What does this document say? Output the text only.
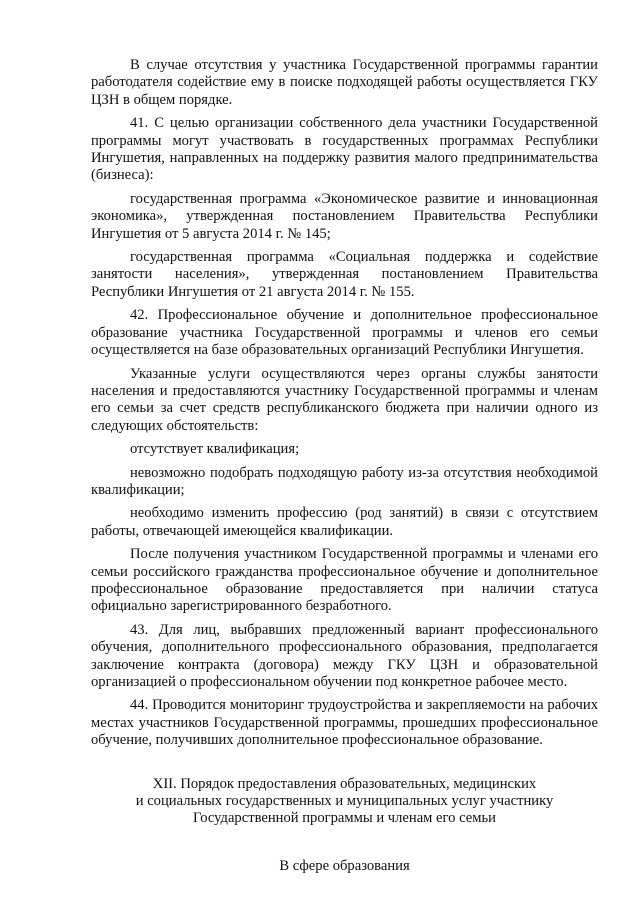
В случае отсутствия у участника Государственной программы гарантии работодателя содействие ему в поиске подходящей работы осуществляется ГКУ ЦЗН в общем порядке.

41. С целью организации собственного дела участники Государственной программы могут участвовать в государственных программах Республики Ингушетия, направленных на поддержку развития малого предпринимательства (бизнеса):

государственная программа «Экономическое развитие и инновационная экономика», утвержденная постановлением Правительства Республики Ингушетия от 5 августа 2014 г. № 145;

государственная программа «Социальная поддержка и содействие занятости населения», утвержденная постановлением Правительства Республики Ингушетия от 21 августа 2014 г. № 155.

42. Профессиональное обучение и дополнительное профессиональное образование участника Государственной программы и членов его семьи осуществляется на базе образовательных организаций Республики Ингушетия.

Указанные услуги осуществляются через органы службы занятости населения и предоставляются участнику Государственной программы и членам его семьи за счет средств республиканского бюджета при наличии одного из следующих обстоятельств:

отсутствует квалификация;

невозможно подобрать подходящую работу из-за отсутствия необходимой квалификации;

необходимо изменить профессию (род занятий) в связи с отсутствием работы, отвечающей имеющейся квалификации.

После получения участником Государственной программы и членами его семьи российского гражданства профессиональное обучение и дополнительное профессиональное образование предоставляется при наличии статуса официально зарегистрированного безработного.

43. Для лиц, выбравших предложенный вариант профессионального обучения, дополнительного профессионального образования, предполагается заключение контракта (договора) между ГКУ ЦЗН и образовательной организацией о профессиональном обучении под конкретное рабочее место.

44. Проводится мониторинг трудоустройства и закрепляемости на рабочих местах участников Государственной программы, прошедших профессиональное обучение, получивших дополнительное профессиональное образование.

XII. Порядок предоставления образовательных, медицинских
и социальных государственных и муниципальных услуг участнику
Государственной программы и членам его семьи
В сфере образования
